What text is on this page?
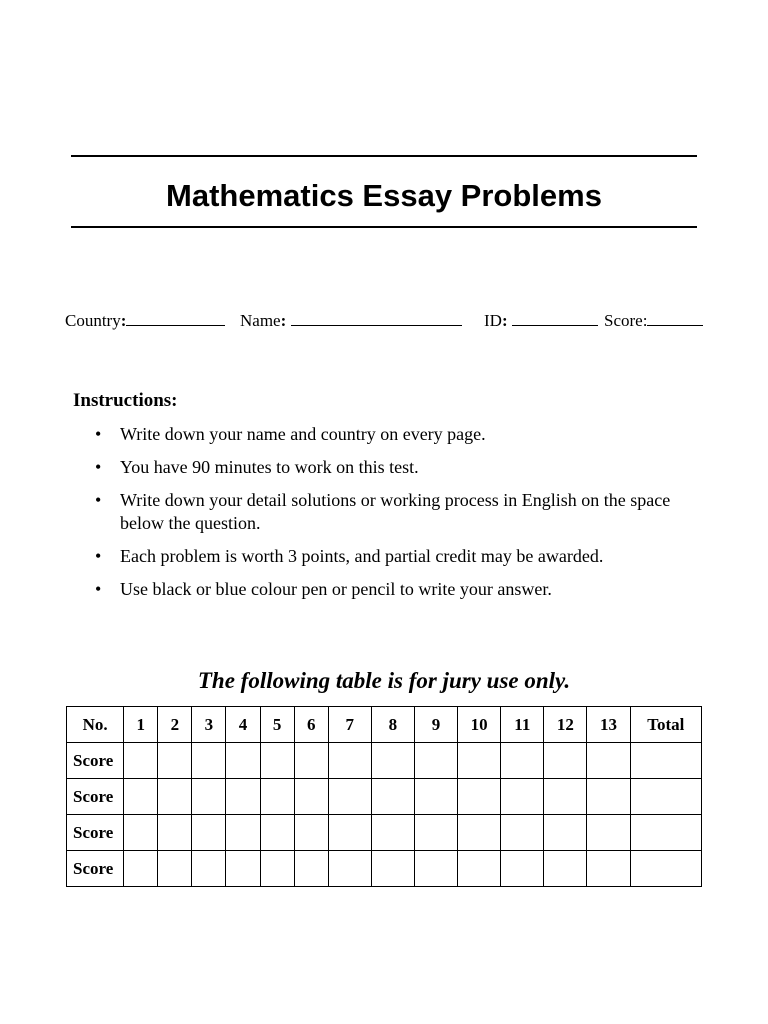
Mathematics Essay Problems
Country:	Name:	ID:	Score:
Instructions:
• Write down your name and country on every page.
• You have 90 minutes to work on this test.
• Write down your detail solutions or working process in English on the space below the question.
• Each problem is worth 3 points, and partial credit may be awarded.
• Use black or blue colour pen or pencil to write your answer.
The following table is for jury use only.
No.	1	2	3	4	5	6	7	8	9	10	11	12	13	Total
Score														
Score														
Score														
Score														
